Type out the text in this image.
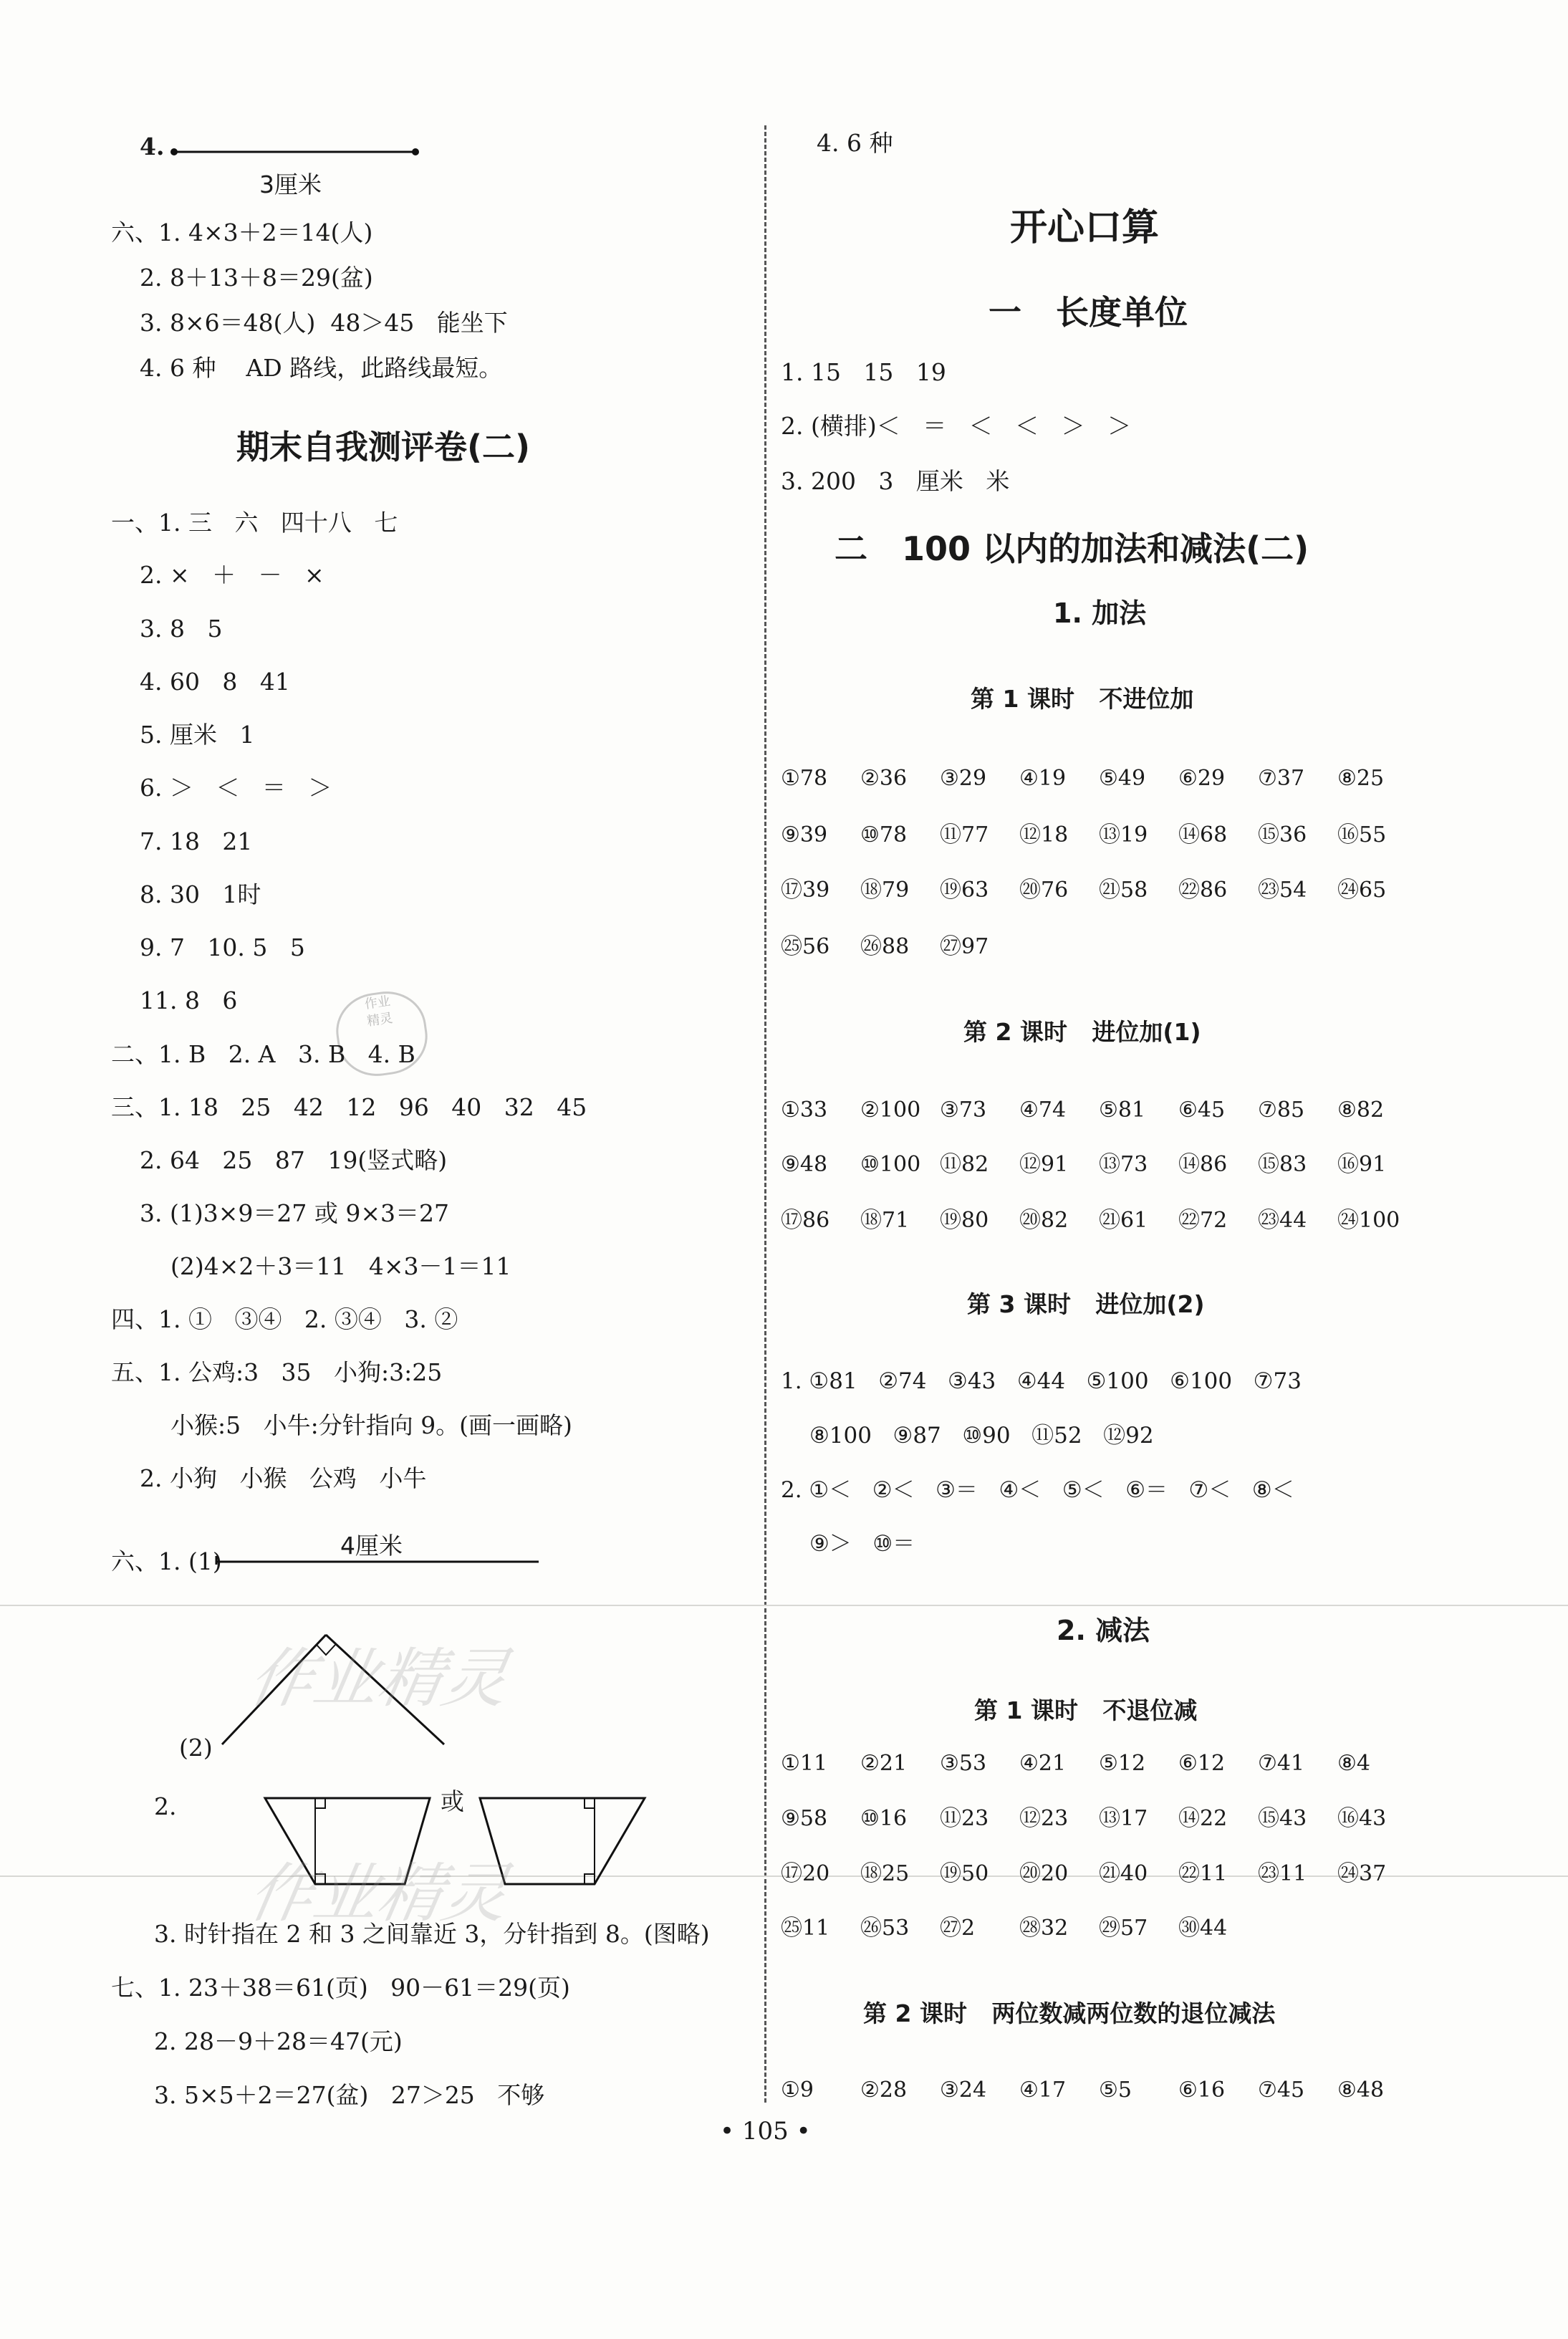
4.
3厘米
六、1. 4×3＋2＝14(人)
2. 8＋13＋8＝29(盆)
3. 8×6＝48(人)  48＞45   能坐下
4. 6 种    AD 路线，此路线最短。
期末自我测评卷(二)
一、1. 三   六   四十八   七
2. ×   ＋   －   ×
3. 8   5
4. 60   8   41
5. 厘米   1
6. ＞   ＜   ＝   ＞
7. 18   21
8. 30   1时
9. 7   10. 5   5
11. 8   6	作业
精灵
二、1. B   2. A   3. B   4. B
三、1. 18   25   42   12   96   40   32   45
2. 64   25   87   19(竖式略)
3. (1)3×9＝27 或 9×3＝27
(2)4×2＋3＝11   4×3－1＝11
四、1. ①   ③④   2. ③④   3. ②
五、1. 公鸡:3   35   小狗:3:25
小猴:5   小牛:分针指向 9。(画一画略)
2. 小狗   小猴   公鸡   小牛
六、1. (1)
4厘米
(2)
2.	或
3. 时针指在 2 和 3 之间靠近 3，分针指到 8。(图略)
七、1. 23＋38＝61(页)   90－61＝29(页)
2. 28－9＋28＝47(元)
3. 5×5＋2＝27(盆)   27＞25   不够
作业精灵
作业精灵
4. 6 种
开心口算
一   长度单位
1. 15   15   19
2. (横排)＜   ＝   ＜   ＜   ＞   ＞
3. 200   3   厘米   米
二   100 以内的加法和减法(二)
1. 加法
第 1 课时   不进位加
①78	②36	③29	④19	⑤49	⑥29	⑦37	⑧25
⑨39	⑩78	⑪77	⑫18	⑬19	⑭68	⑮36	⑯55
⑰39	⑱79	⑲63	⑳76	㉑58	㉒86	㉓54	㉔65
㉕56	㉖88	㉗97
第 2 课时   进位加(1)
①33	②100 ③73	④74	⑤81	⑥45	⑦85	⑧82
⑨48	⑩100 ⑪82	⑫91	⑬73	⑭86	⑮83	⑯91
⑰86	⑱71	⑲80	⑳82	㉑61	㉒72	㉓44	㉔100
第 3 课时   进位加(2)
1. ①81   ②74   ③43   ④44   ⑤100   ⑥100   ⑦73
⑧100   ⑨87   ⑩90   ⑪52   ⑫92
2. ①＜   ②＜   ③＝   ④＜   ⑤＜   ⑥＝   ⑦＜   ⑧＜
⑨＞   ⑩＝
2. 减法
第 1 课时   不退位减
①11	②21	③53	④21	⑤12	⑥12	⑦41	⑧4
⑨58	⑩16	⑪23	⑫23	⑬17	⑭22	⑮43	⑯43
⑰20	⑱25	⑲50	⑳20	㉑40	㉒11	㉓11	㉔37
㉕11	㉖53	㉗2	㉘32	㉙57	㉚44
第 2 课时   两位数减两位数的退位减法
①9	②28	③24	④17	⑤5	⑥16	⑦45	⑧48
• 105 •
